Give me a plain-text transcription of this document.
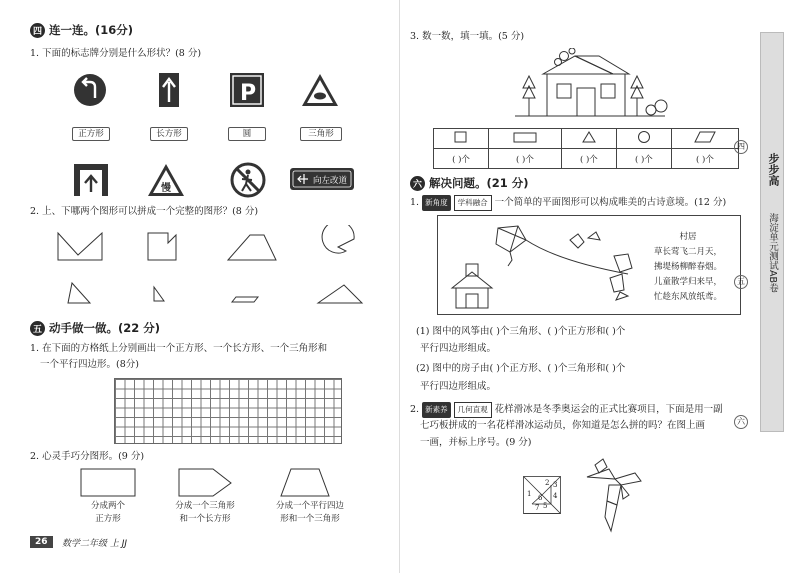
四 连一连。(16分)
1. 下面的标志牌分别是什么形状？(8 分)
P
正方形	长方形	圆	三角形
慢
向左改道
2. 上、下哪两个图形可以拼成一个完整的图形？(8 分)
五 动手做一做。(22 分)
1. 在下面的方格纸上分别画出一个正方形、一个长方形、一个三角形和
一个平行四边形。(8分)
2. 心灵手巧分图形。(9 分)
分成两个
正方形
分成一个三角形
和一个长方形
分成一个平行四边
形和一个三角形
26	数学二年级 上 JJ
3. 数一数，填一填。(5 分)

( )个	( )个	( )个	( )个	( )个
六 解决问题。(21 分)
1. 新角度 学科融合 一个简单的平面图形可以构成唯美的古诗意境。(12 分)
村居
草长莺飞二月天，
拂堤杨柳醉春烟。
儿童散学归来早，
忙趁东风放纸鸢。
(1) 图中的风筝由( )个三角形、( )个正方形和( )个
平行四边形组成。
(2) 图中的房子由( )个正方形、( )个三角形和( )个
平行四边形组成。
2. 新素养 几何直观 花样滑冰是冬季奥运会的正式比赛项目，下面是用一副
七巧板拼成的一名花样滑冰运动员，你知道是怎么拼的吗？在图上画
一画，并标上序号。(9 分)
1
2 3
4
5
6
7
步步高
海淀单元测试AB卷
四
五
六
